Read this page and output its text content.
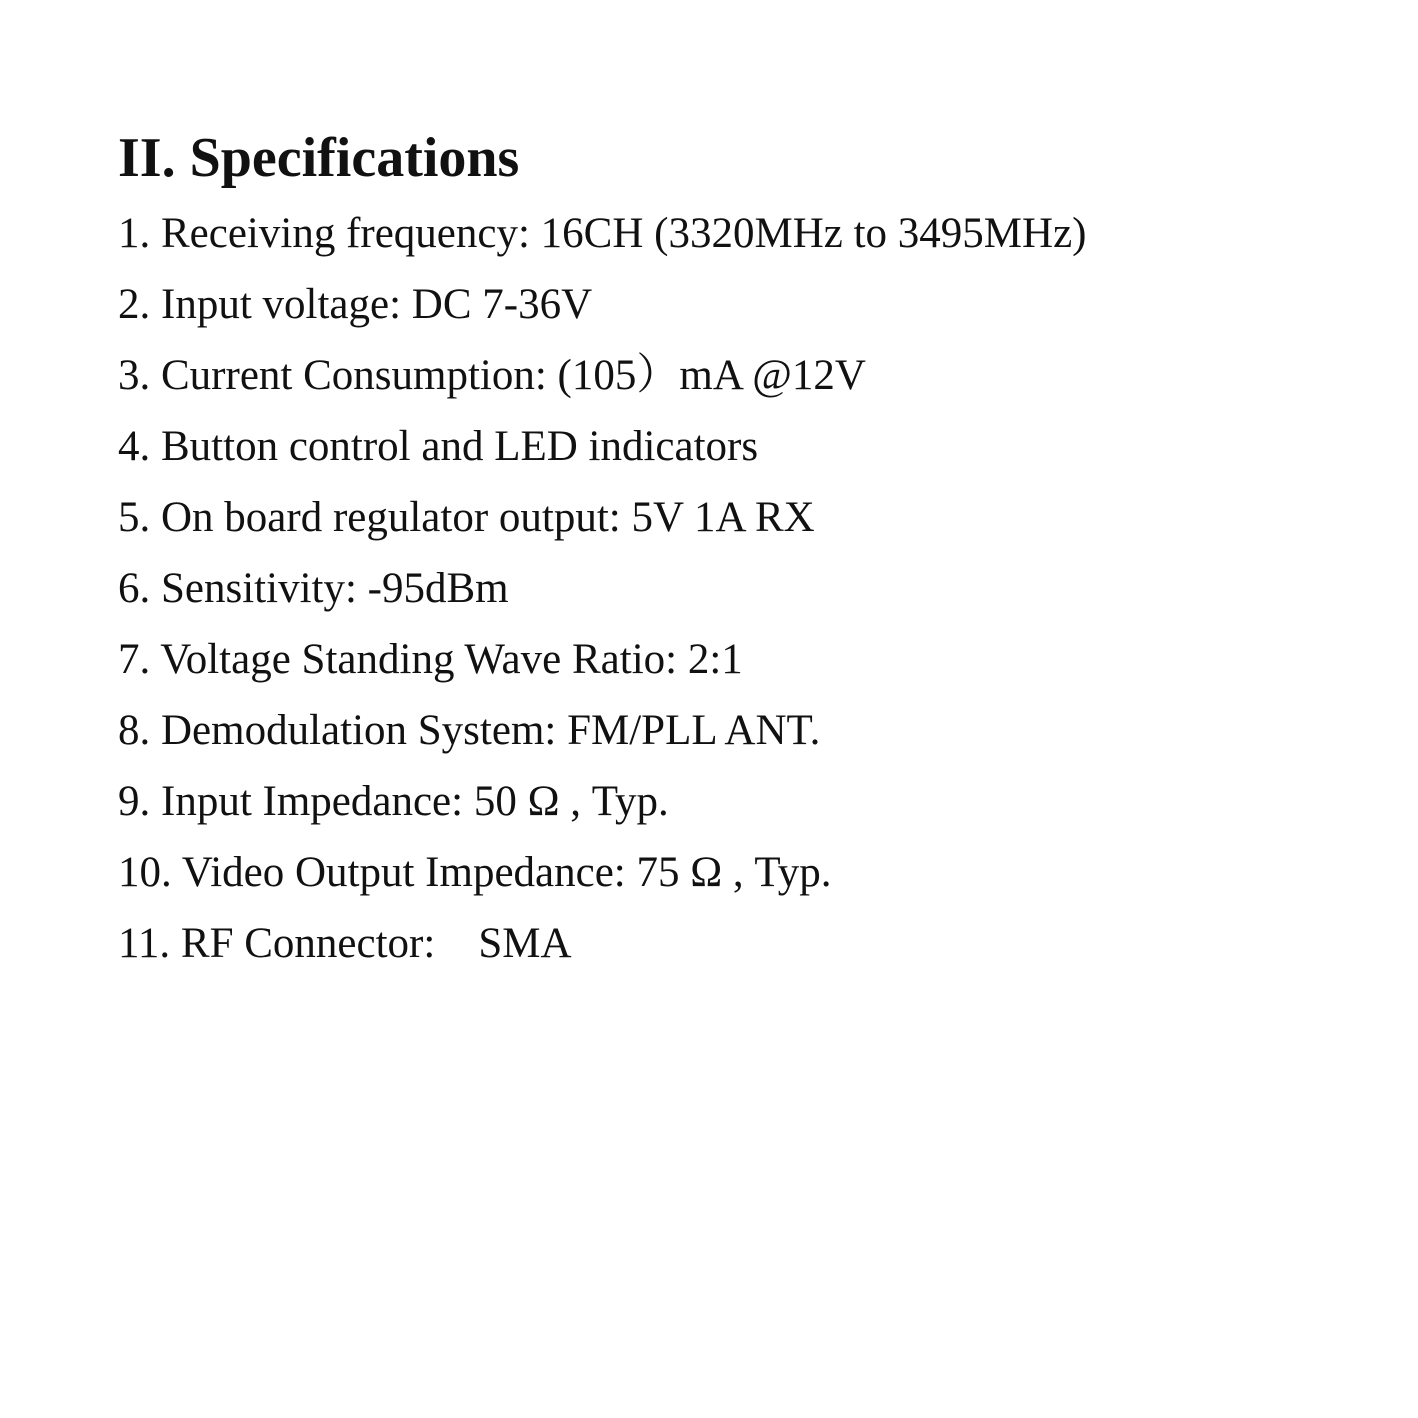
II. Specifications
1. Receiving frequency: 16CH (3320MHz to 3495MHz)
2. Input voltage: DC 7-36V
3. Current Consumption: (105）mA @12V
4. Button control and LED indicators
5. On board regulator output: 5V 1A RX
6. Sensitivity: -95dBm
7. Voltage Standing Wave Ratio: 2:1
8. Demodulation System: FM/PLL ANT.
9. Input Impedance: 50 Ω , Typ.
10. Video Output Impedance: 75 Ω , Typ.
11. RF Connector:    SMA
